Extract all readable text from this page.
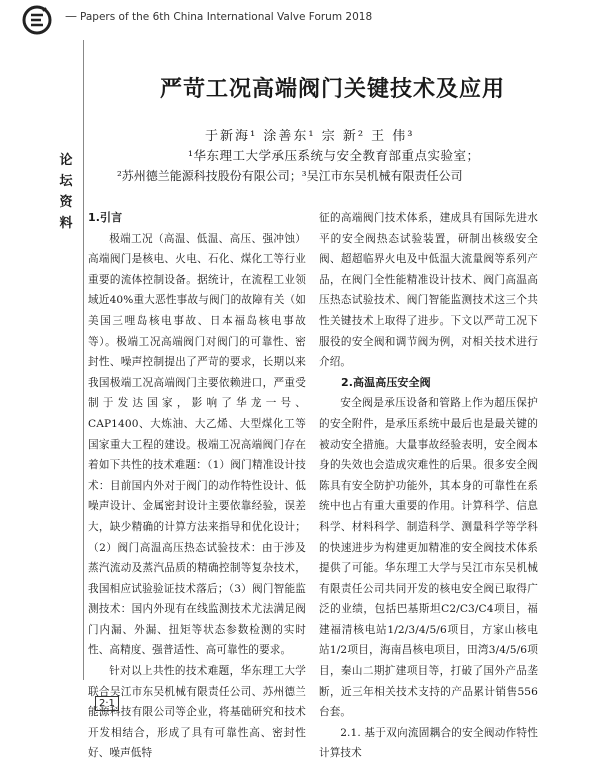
— Papers of the 6th China International Valve Forum 2018
论
坛
资
料
严苛工况高端阀门关键技术及应用
于新海¹ 涂善东¹ 宗 新² 王 伟³
¹华东理工大学承压系统与安全教育部重点实验室；
²苏州德兰能源科技股份有限公司；³吴江市东吴机械有限责任公司

1.引言

极端工况（高温、低温、高压、强冲蚀）高端阀门是核电、火电、石化、煤化工等行业重要的流体控制设备。据统计，在流程工业领域近40%重大恶性事故与阀门的故障有关（如美国三哩岛核电事故、日本福岛核电事故等）。极端工况高端阀门对阀门的可靠性、密封性、噪声控制提出了严苛的要求，长期以来我国极端工况高端阀门主要依赖进口，严重受制于发达国家，影响了华龙一号、CAP1400、大炼油、大乙烯、大型煤化工等国家重大工程的建设。极端工况高端阀门存在着如下共性的技术难题：（1）阀门精准设计技术：目前国内外对于阀门的动作特性设计、低噪声设计、金属密封设计主要依靠经验，误差大，缺少精确的计算方法来指导和优化设计；（2）阀门高温高压热态试验技术：由于涉及蒸汽流动及蒸汽品质的精确控制等复杂技术，我国相应试验验证技术落后；（3）阀门智能监测技术：国内外现有在线监测技术尤法满足阀门内漏、外漏、扭矩等状态参数检测的实时性、高精度、强普适性、高可靠性的要求。

针对以上共性的技术难题，华东理工大学联合吴江市东吴机械有限责任公司、苏州德兰能源科技有限公司等企业，将基础研究和技术开发相结合，形成了具有可靠性高、密封性好、噪声低特

征的高端阀门技术体系，建成具有国际先进水平的安全阀热态试验装置，研制出核级安全阀、超超临界火电及中低温大流量阀等系列产品，在阀门全性能精准设计技术、阀门高温高压热态试验技术、阀门智能监测技术这三个共性关键技术上取得了进步。下文以严苛工况下服役的安全阀和调节阀为例，对相关技术进行介绍。

2.高温高压安全阀

安全阀是承压设备和管路上作为超压保护的安全附件，是承压系统中最后也是最关键的被动安全措施。大量事故经验表明，安全阀本身的失效也会造成灾难性的后果。很多安全阀陈具有安全防护功能外，其本身的可靠性在系统中也占有重大重要的作用。计算科学、信息科学、材料科学、制造科学、测量科学等学科的快速进步为构建更加精准的安全阀技术体系提供了可能。华东理工大学与吴江市东吴机械有限责任公司共同开发的核电安全阀已取得广泛的业绩，包括巴基斯坦C2/C3/C4项目，福建福清核电站1/2/3/4/5/6项目，方家山核电站1/2项目，海南昌核电项目，田湾3/4/5/6项目，秦山二期扩建项目等，打破了国外产品垄断，近三年相关技术支持的产品累计销售556台套。

2.1. 基于双向流固耦合的安全阀动作特性计算技术

2·1
